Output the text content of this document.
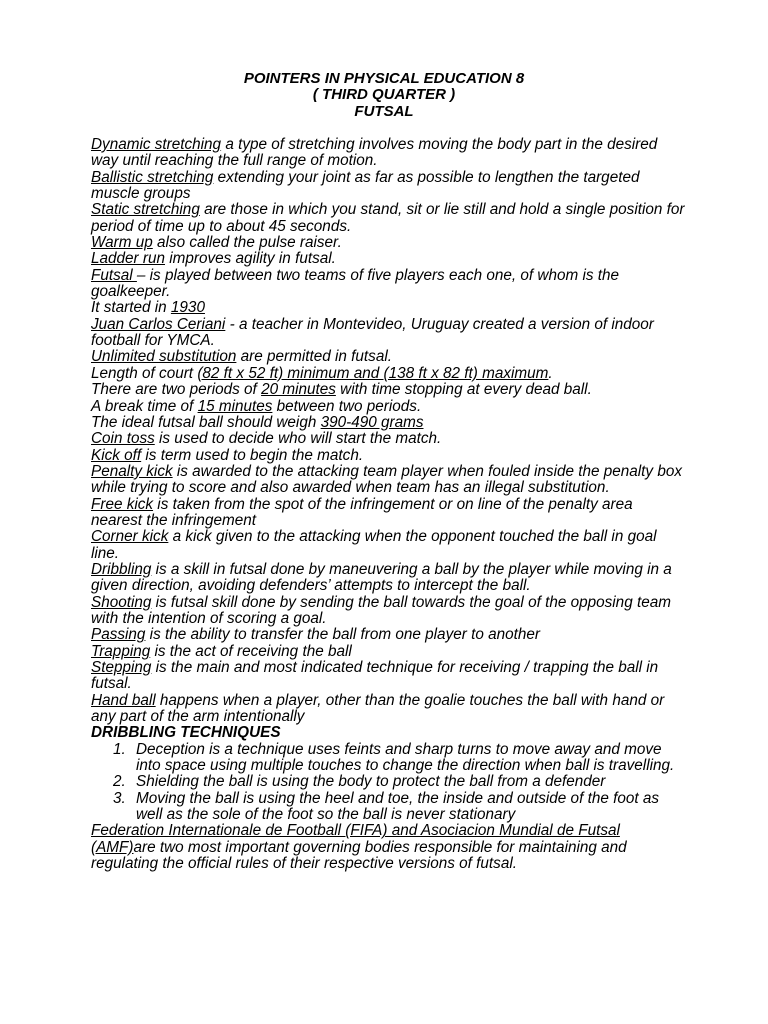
POINTERS IN PHYSICAL EDUCATION 8
( THIRD QUARTER )
FUTSAL

Dynamic stretching a type of stretching involves moving the body part in the desired way until reaching the full range of motion.

Ballistic stretching extending your joint as far as possible to lengthen the targeted muscle groups

Static stretching are those in which you stand, sit or lie still and hold a single position for period of time up to about 45 seconds.

Warm up also called the pulse raiser.

Ladder run improves agility in futsal.

Futsal – is played between two teams of five players each one, of whom is the goalkeeper.

It started in 1930

Juan Carlos Ceriani - a teacher in Montevideo, Uruguay created a version of indoor football for YMCA.

Unlimited substitution are permitted in futsal.

Length of court (82 ft x 52 ft) minimum and (138 ft x 82 ft) maximum.

There are two periods of 20 minutes with time stopping at every dead ball.

A break time of 15 minutes between two periods.

The ideal futsal ball should weigh 390-490 grams

Coin toss is used to decide who will start the match.

Kick off is term used to begin the match.

Penalty kick is awarded to the attacking team player when fouled inside the penalty box while trying to score and also awarded when team has an illegal substitution.

Free kick is taken from the spot of the infringement or on line of the penalty area nearest the infringement

Corner kick a kick given to the attacking when the opponent touched the ball in goal line.

Dribbling is a skill in futsal done by maneuvering a ball by the player while moving in a given direction, avoiding defenders’ attempts to intercept the ball.

Shooting is futsal skill done by sending the ball towards the goal of the opposing team with the intention of scoring a goal.

Passing is the ability to transfer the ball from one player to another

Trapping is the act of receiving the ball

Stepping is the main and most indicated technique for receiving / trapping the ball in futsal.

Hand ball happens when a player, other than the goalie touches the ball with hand or any part of the arm intentionally

DRIBBLING TECHNIQUES

1. Deception is a technique uses feints and sharp turns to move away and move into space using multiple touches to change the direction when ball is travelling.
2. Shielding the ball is using the body to protect the ball from a defender
3. Moving the ball is using the heel and toe, the inside and outside of the foot as well as the sole of the foot so the ball is never stationary

Federation Internationale de Football (FIFA) and Asociacion Mundial de Futsal (AMF)are two most important governing bodies responsible for maintaining and regulating the official rules of their respective versions of futsal.
